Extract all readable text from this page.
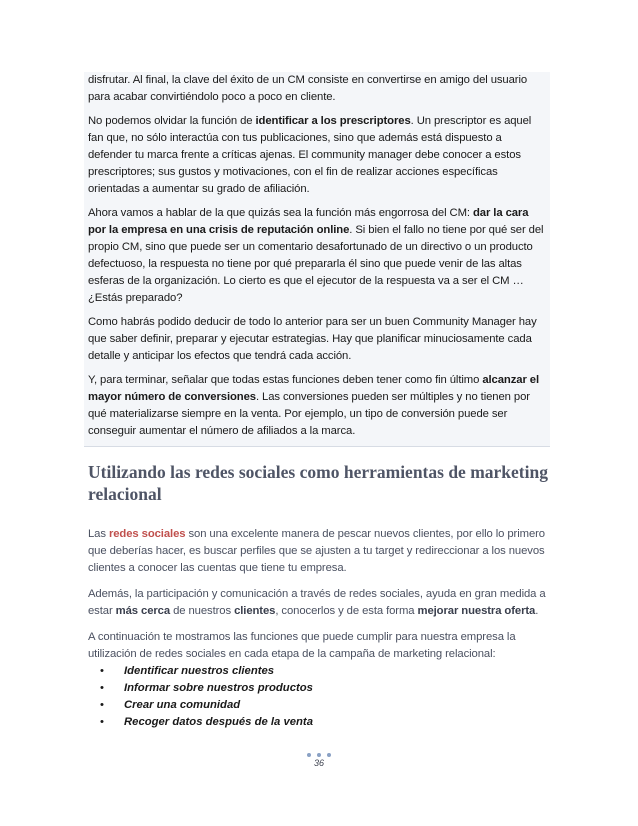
disfrutar. Al final, la clave del éxito de un CM consiste en convertirse en amigo del usuario para acabar convirtiéndolo poco a poco en cliente.

No podemos olvidar la función de identificar a los prescriptores. Un prescriptor es aquel fan que, no sólo interactúa con tus publicaciones, sino que además está dispuesto a defender tu marca frente a críticas ajenas. El community manager debe conocer a estos prescriptores; sus gustos y motivaciones, con el fin de realizar acciones específicas orientadas a aumentar su grado de afiliación.

Ahora vamos a hablar de la que quizás sea la función más engorrosa del CM: dar la cara por la empresa en una crisis de reputación online. Si bien el fallo no tiene por qué ser del propio CM, sino que puede ser un comentario desafortunado de un directivo o un producto defectuoso, la respuesta no tiene por qué prepararla él sino que puede venir de las altas esferas de la organización. Lo cierto es que el ejecutor de la respuesta va a ser el CM … ¿Estás preparado?

Como habrás podido deducir de todo lo anterior para ser un buen Community Manager hay que saber definir, preparar y ejecutar estrategias. Hay que planificar minuciosamente cada detalle y anticipar los efectos que tendrá cada acción.

Y, para terminar, señalar que todas estas funciones deben tener como fin último alcanzar el mayor número de conversiones. Las conversiones pueden ser múltiples y no tienen por qué materializarse siempre en la venta. Por ejemplo, un tipo de conversión puede ser conseguir aumentar el número de afiliados a la marca.

Utilizando las redes sociales como herramientas de marketing relacional

Las redes sociales son una excelente manera de pescar nuevos clientes, por ello lo primero que deberías hacer, es buscar perfiles que se ajusten a tu target y redireccionar a los nuevos clientes a conocer las cuentas que tiene tu empresa.

Además, la participación y comunicación a través de redes sociales, ayuda en gran medida a estar más cerca de nuestros clientes, conocerlos y de esta forma mejorar nuestra oferta.

A continuación te mostramos las funciones que puede cumplir para nuestra empresa la utilización de redes sociales en cada etapa de la campaña de marketing relacional:

• Identificar nuestros clientes
• Informar sobre nuestros productos
• Crear una comunidad
• Recoger datos después de la venta
36
